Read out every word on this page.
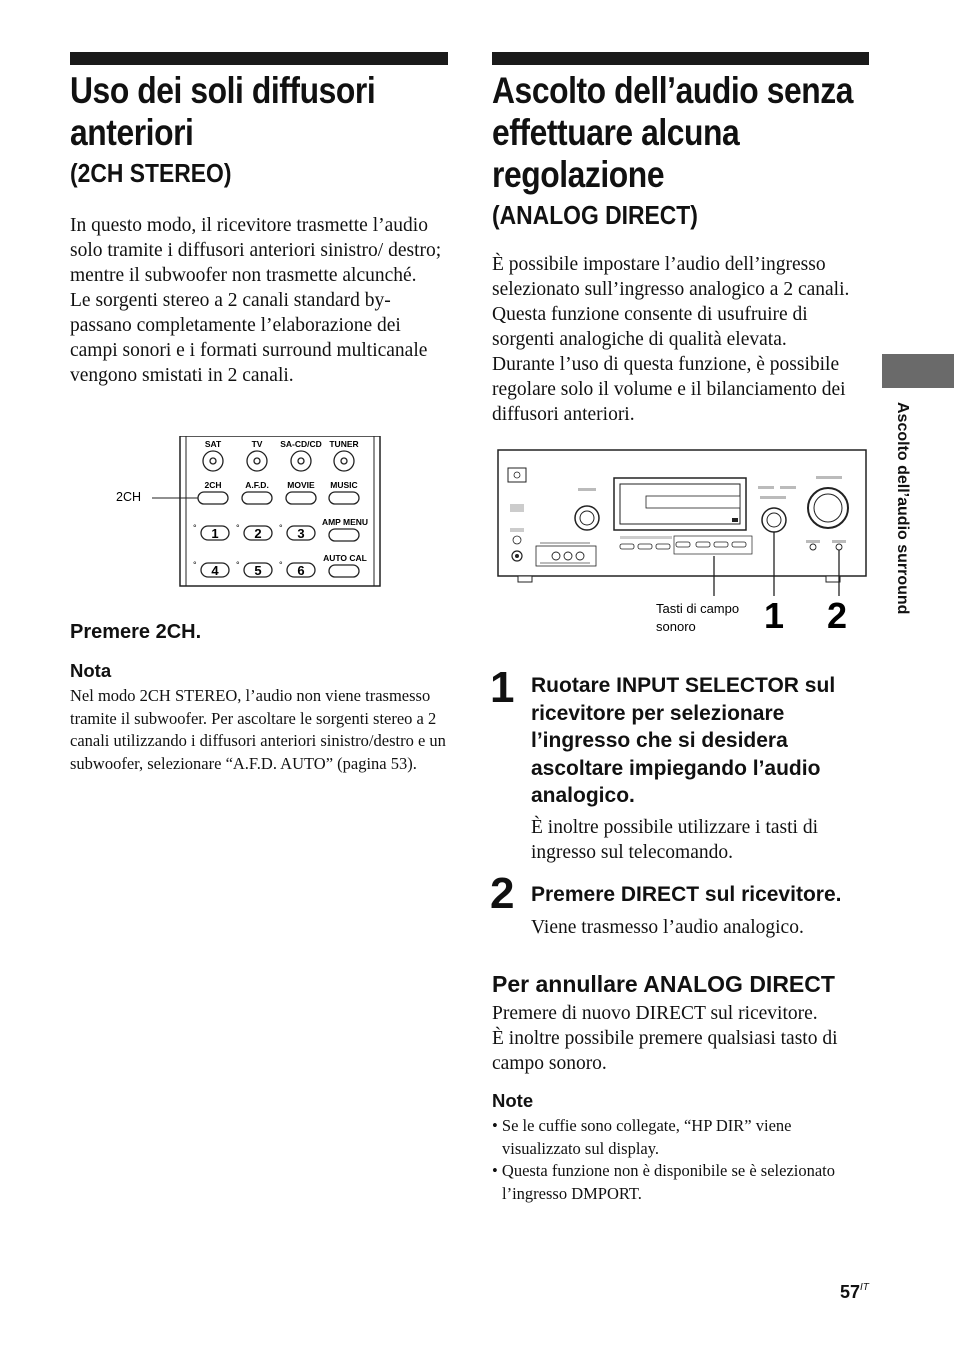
Uso dei soli diffusori
anteriori
(2CH STEREO)
In questo modo, il ricevitore trasmette l’audio solo tramite i diffusori anteriori sinistro/ destro; mentre il subwoofer non trasmette alcunché.
Le sorgenti stereo a 2 canali standard by-passano completamente l’elaborazione dei campi sonori e i formati surround multicanale vengono smistati in 2 canali.
SAT	TV SA-CD/CD TUNER
2CH	A.F.D. MOVIE MUSIC
2CH
AMP MENU
° 1 ° 2 ° 3
AUTO CAL
° 4 ° 5 ° 6
Premere 2CH.
Nota
Nel modo 2CH STEREO, l’audio non viene trasmesso tramite il subwoofer. Per ascoltare le sorgenti stereo a 2 canali utilizzando i diffusori anteriori sinistro/destro e un subwoofer, selezionare “A.F.D. AUTO” (pagina 53).
Ascolto dell’audio senza
effettuare alcuna
regolazione
(ANALOG DIRECT)
È possibile impostare l’audio dell’ingresso selezionato sull’ingresso analogico a 2 canali. Questa funzione consente di usufruire di sorgenti analogiche di qualità elevata.
Durante l’uso di questa funzione, è possibile regolare solo il volume e il bilanciamento dei diffusori anteriori.
Tasti di campo
sonoro 1 2
1 Ruotare INPUT SELECTOR sul ricevitore per selezionare l’ingresso che si desidera ascoltare impiegando l’audio analogico.
È inoltre possibile utilizzare i tasti di ingresso sul telecomando.
2 Premere DIRECT sul ricevitore.
Viene trasmesso l’audio analogico.
Per annullare ANALOG DIRECT
Premere di nuovo DIRECT sul ricevitore.
È inoltre possibile premere qualsiasi tasto di campo sonoro.
Note
• Se le cuffie sono collegate, “HP DIR” viene visualizzato sul display.
• Questa funzione non è disponibile se è selezionato l’ingresso DMPORT.
Ascolto dell’audio surround
$57^{IT}$
